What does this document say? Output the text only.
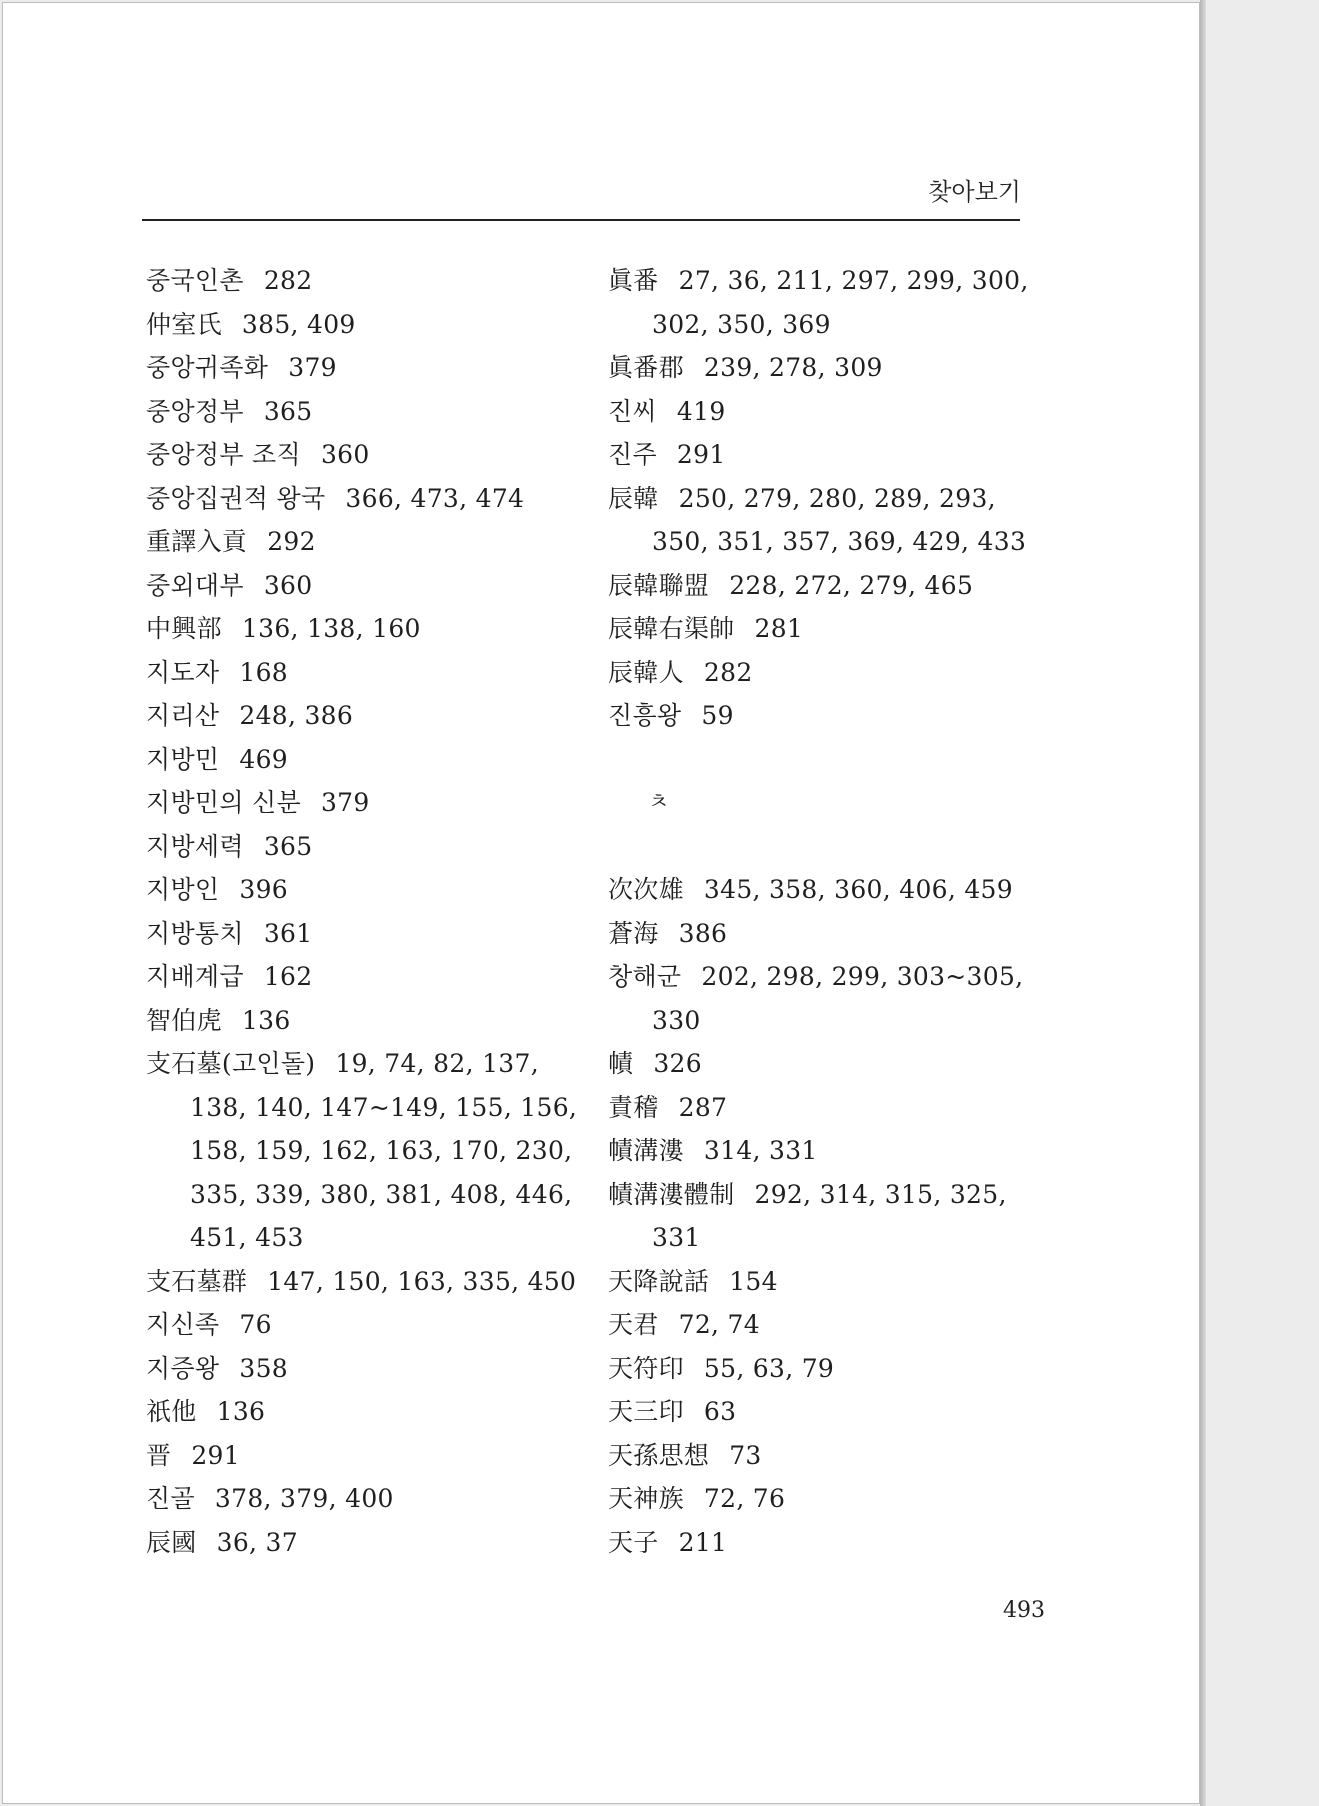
찾아보기
중국인촌 282
仲室氏 385, 409
중앙귀족화 379
중앙정부 365
중앙정부 조직 360
중앙집권적 왕국 366, 473, 474
重譯入貢 292
중외대부 360
中興部 136, 138, 160
지도자 168
지리산 248, 386
지방민 469
지방민의 신분 379
지방세력 365
지방인 396
지방통치 361
지배계급 162
智伯虎 136
支石墓(고인돌) 19, 74, 82, 137,
138, 140, 147~149, 155, 156,
158, 159, 162, 163, 170, 230,
335, 339, 380, 381, 408, 446,
451, 453
支石墓群 147, 150, 163, 335, 450
지신족 76
지증왕 358
祇他 136
晋 291
진골 378, 379, 400
辰國 36, 37
眞番 27, 36, 211, 297, 299, 300,
302, 350, 369
眞番郡 239, 278, 309
진씨 419
진주 291
辰韓 250, 279, 280, 289, 293,
350, 351, 357, 369, 429, 433
辰韓聯盟 228, 272, 279, 465
辰韓右渠帥 281
辰韓人 282
진흥왕 59
ㅊ
次次雄 345, 358, 360, 406, 459
蒼海 386
창해군 202, 298, 299, 303~305,
330
幘 326
責稽 287
幘溝漊 314, 331
幘溝漊體制 292, 314, 315, 325,
331
天降說話 154
天君 72, 74
天符印 55, 63, 79
天三印 63
天孫思想 73
天神族 72, 76
天子 211
493
